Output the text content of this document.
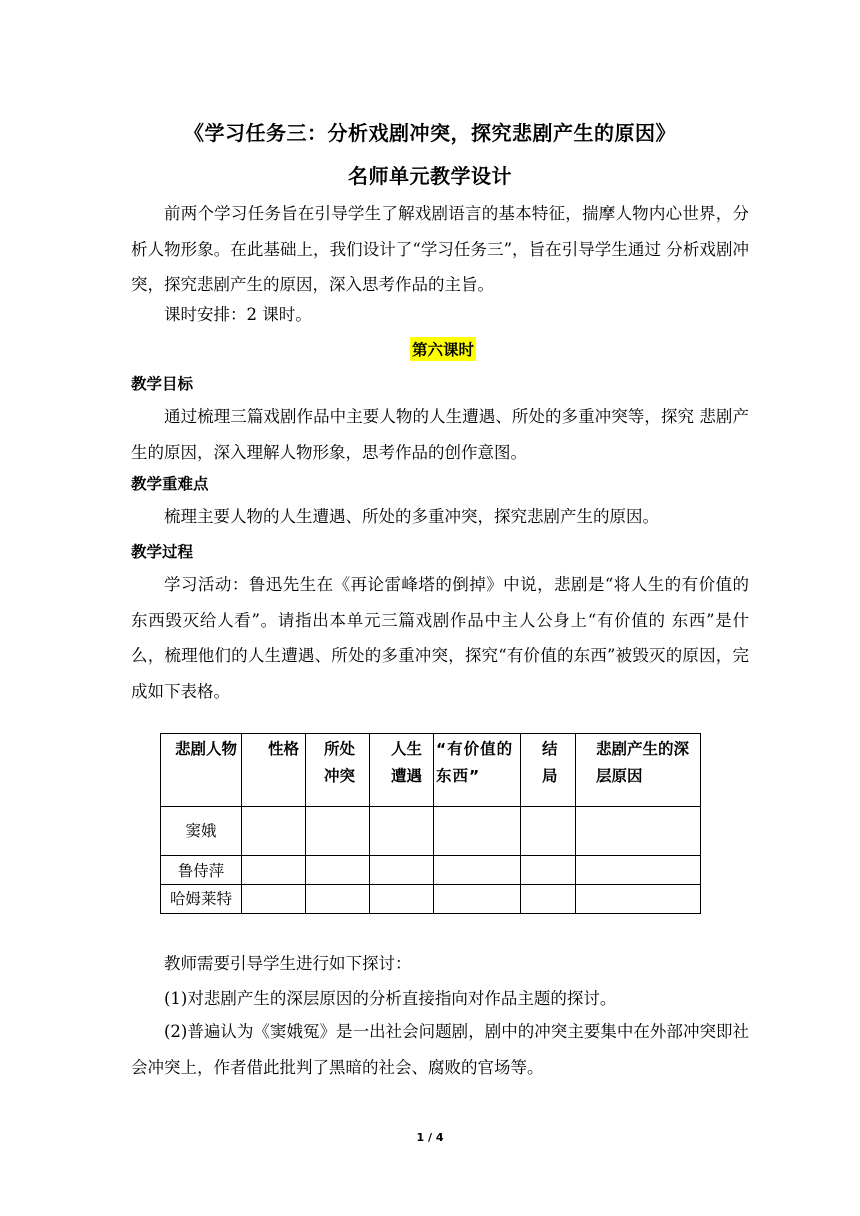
《学习任务三：分析戏剧冲突，探究悲剧产生的原因》
名师单元教学设计

前两个学习任务旨在引导学生了解戏剧语言的基本特征，揣摩人物内心世界，分析人物形象。在此基础上，我们设计了“学习任务三”，旨在引导学生通过 分析戏剧冲突，探究悲剧产生的原因，深入思考作品的主旨。

课时安排：2 课时。

第六课时
教学目标

通过梳理三篇戏剧作品中主要人物的人生遭遇、所处的多重冲突等，探究 悲剧产生的原因，深入理解人物形象，思考作品的创作意图。

教学重难点

梳理主要人物的人生遭遇、所处的多重冲突，探究悲剧产生的原因。

教学过程

学习活动：鲁迅先生在《再论雷峰塔的倒掉》中说，悲剧是“将人生的有价值的东西毁灭给人看”。请指出本单元三篇戏剧作品中主人公身上“有价值的 东西”是什么，梳理他们的人生遭遇、所处的多重冲突，探究“有价值的东西”被毁灭的原因，完成如下表格。

悲剧人物	性格	所处冲突	人生遭遇	“有价值的东西”	结局	悲剧产生的深层原因

窦娥						

鲁侍萍						

哈姆莱特						

教师需要引导学生进行如下探讨：

(1)对悲剧产生的深层原因的分析直接指向对作品主题的探讨。

(2)普遍认为《窦娥冤》是一出社会问题剧，剧中的冲突主要集中在外部冲突即社会冲突上，作者借此批判了黑暗的社会、腐败的官场等。

1 / 4
